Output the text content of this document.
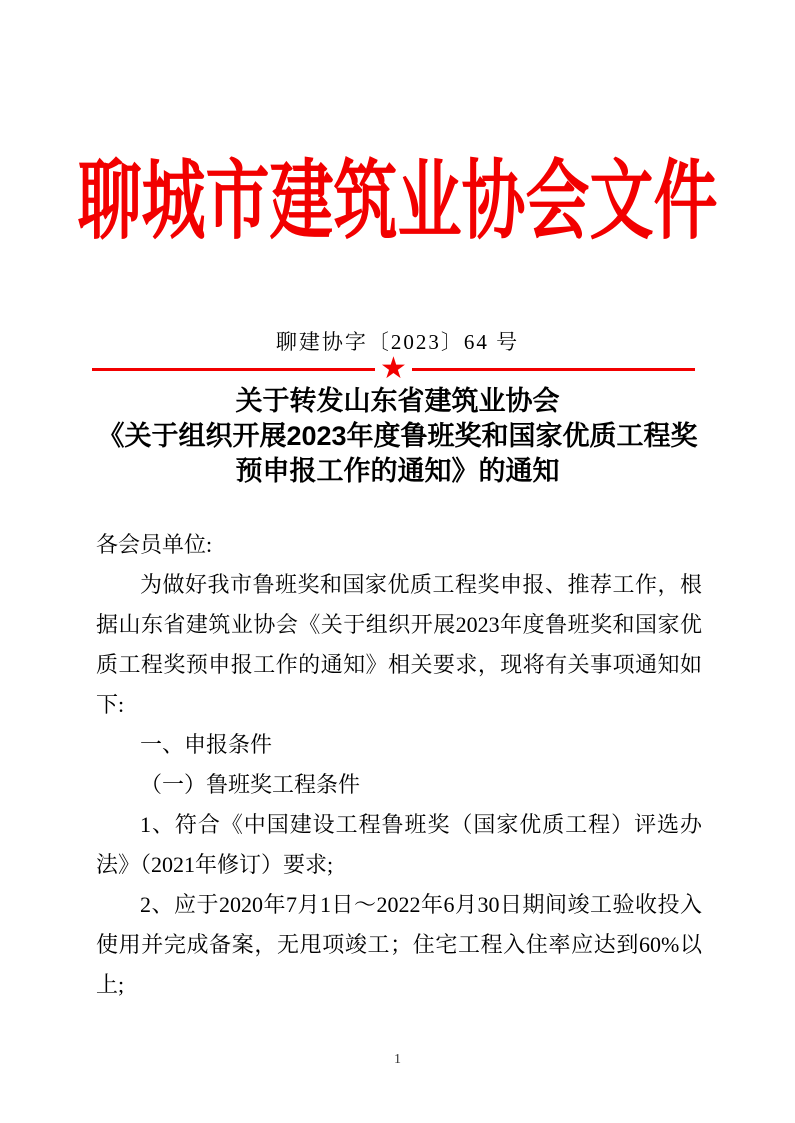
聊城市建筑业协会文件
聊建协字〔2023〕64 号
★
关于转发山东省建筑业协会
《关于组织开展2023年度鲁班奖和国家优质工程奖
预申报工作的通知》的通知

各会员单位:

为做好我市鲁班奖和国家优质工程奖申报、推荐工作，根据山东省建筑业协会《关于组织开展2023年度鲁班奖和国家优质工程奖预申报工作的通知》相关要求，现将有关事项通知如下:

一、申报条件

（一）鲁班奖工程条件

1、符合《中国建设工程鲁班奖（国家优质工程）评选办法》（2021年修订）要求;

2、应于2020年7月1日～2022年6月30日期间竣工验收投入使用并完成备案，无甩项竣工；住宅工程入住率应达到60%以上;

1
